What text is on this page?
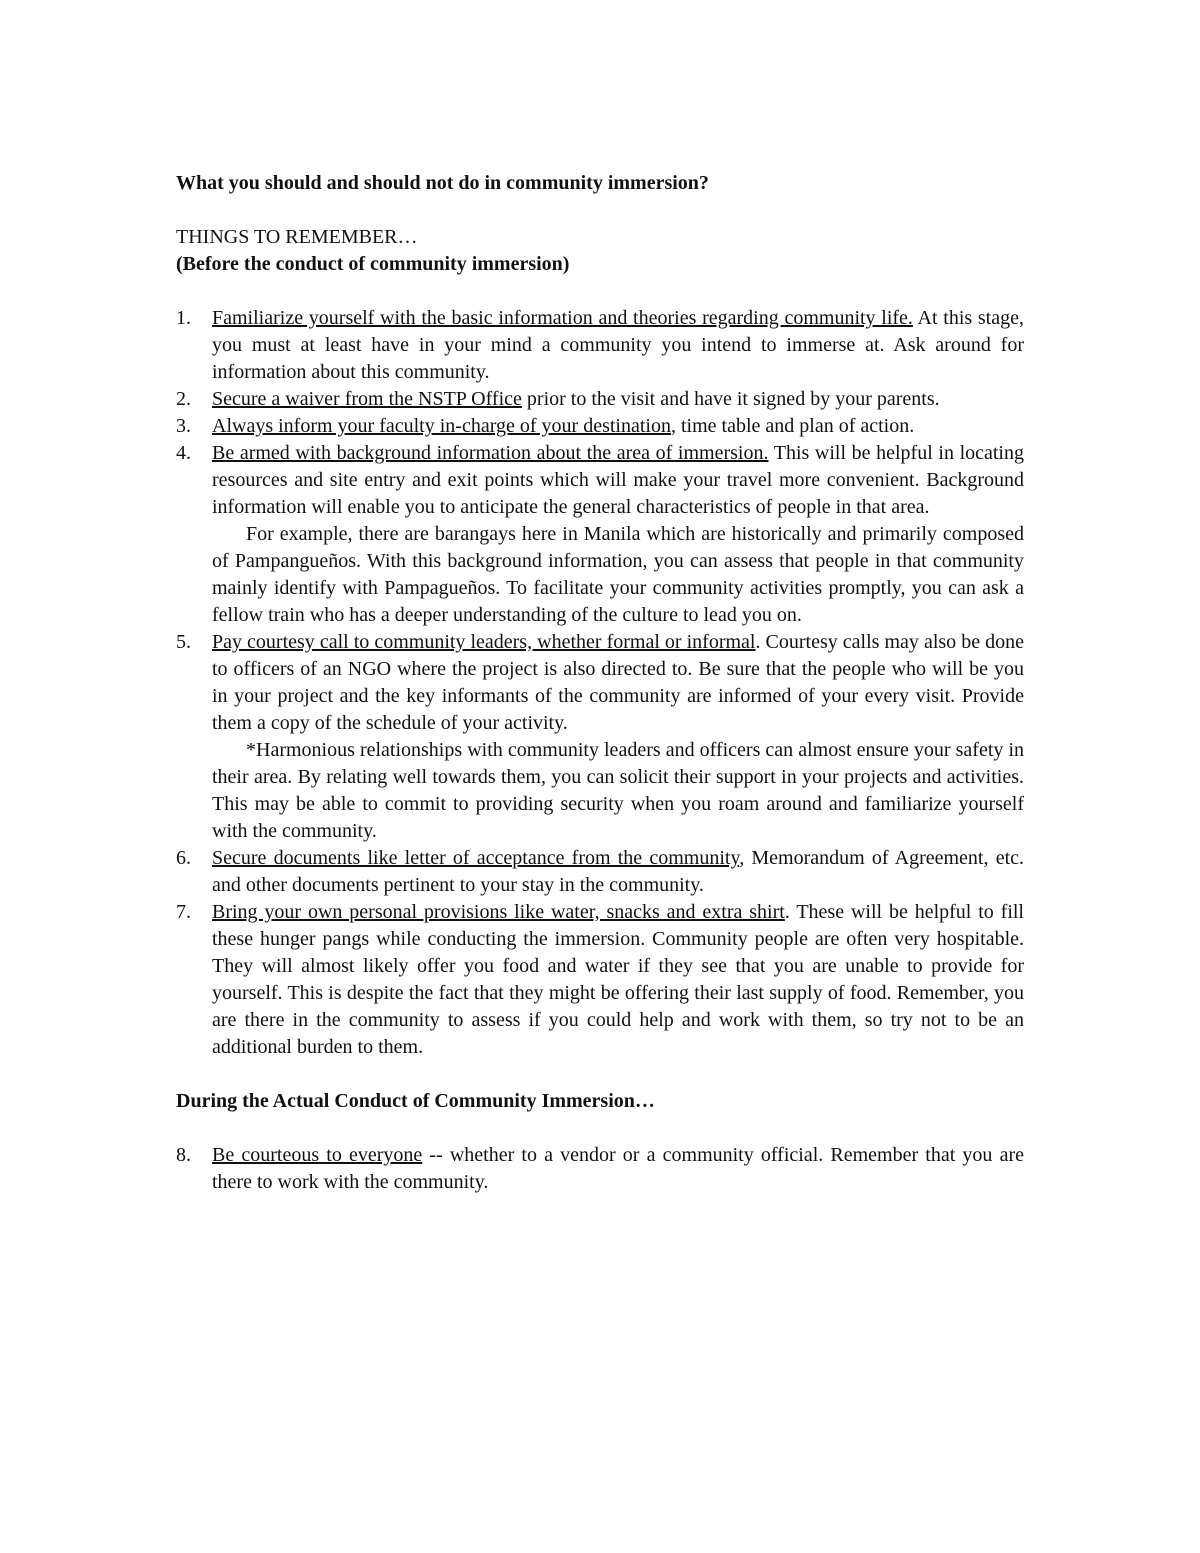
What you should and should not do in community immersion?
THINGS TO REMEMBER…
(Before the conduct of community immersion)
1. Familiarize yourself with the basic information and theories regarding community life. At this stage, you must at least have in your mind a community you intend to immerse at. Ask around for information about this community.
2. Secure a waiver from the NSTP Office prior to the visit and have it signed by your parents.
3. Always inform your faculty in-charge of your destination, time table and plan of action.
4. Be armed with background information about the area of immersion. This will be helpful in locating resources and site entry and exit points which will make your travel more convenient. Background information will enable you to anticipate the general characteristics of people in that area.
For example, there are barangays here in Manila which are historically and primarily composed of Pampangueños. With this background information, you can assess that people in that community mainly identify with Pampagueños. To facilitate your community activities promptly, you can ask a fellow train who has a deeper understanding of the culture to lead you on.
5. Pay courtesy call to community leaders, whether formal or informal. Courtesy calls may also be done to officers of an NGO where the project is also directed to. Be sure that the people who will be you in your project and the key informants of the community are informed of your every visit. Provide them a copy of the schedule of your activity.
*Harmonious relationships with community leaders and officers can almost ensure your safety in their area. By relating well towards them, you can solicit their support in your projects and activities. This may be able to commit to providing security when you roam around and familiarize yourself with the community.
6. Secure documents like letter of acceptance from the community, Memorandum of Agreement, etc. and other documents pertinent to your stay in the community.
7. Bring your own personal provisions like water, snacks and extra shirt. These will be helpful to fill these hunger pangs while conducting the immersion. Community people are often very hospitable. They will almost likely offer you food and water if they see that you are unable to provide for yourself. This is despite the fact that they might be offering their last supply of food. Remember, you are there in the community to assess if you could help and work with them, so try not to be an additional burden to them.
During the Actual Conduct of Community Immersion…
8. Be courteous to everyone -- whether to a vendor or a community official. Remember that you are there to work with the community.
